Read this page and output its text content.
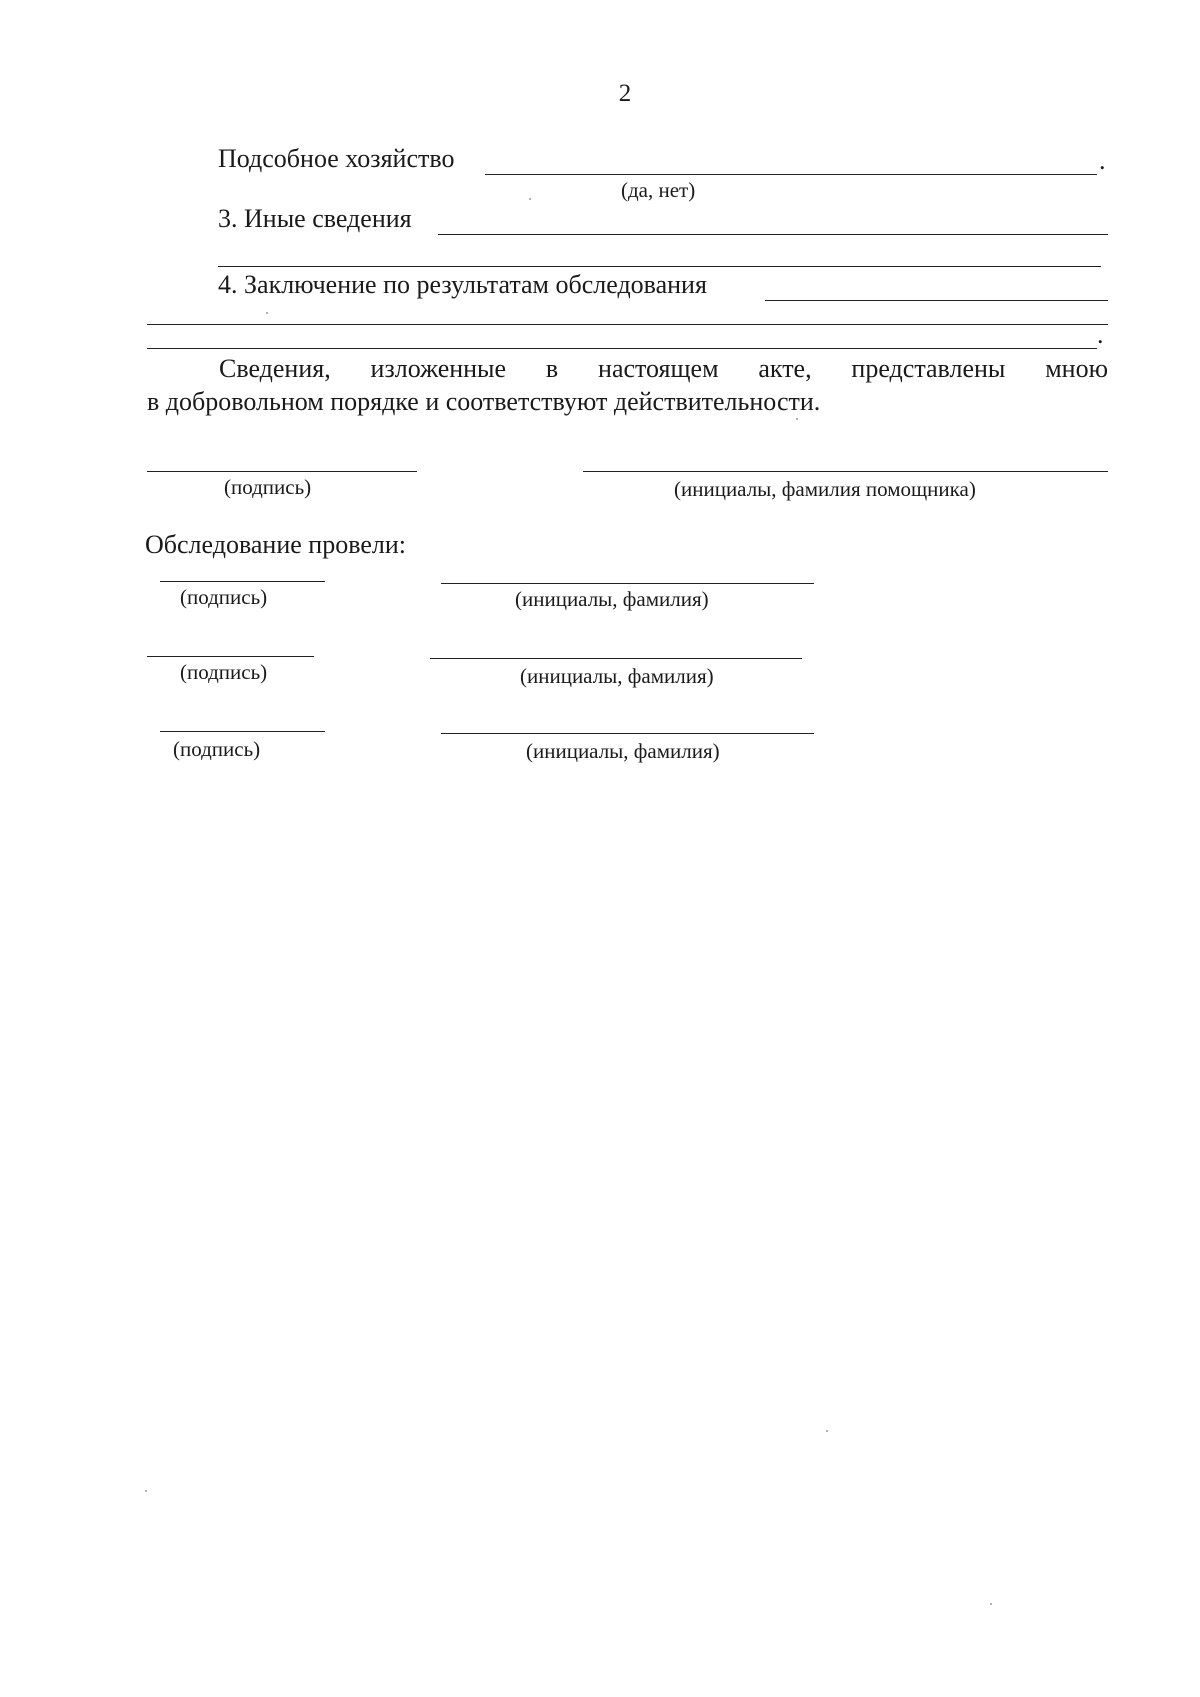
2
Подсобное хозяйство	.
(да, нет)
3. Иные сведения
4. Заключение по результатам обследования
.
Сведения, изложенные в настоящем акте, представлены мною
в добровольном порядке и соответствуют действительности.
(подпись)	(инициалы, фамилия помощника)
Обследование провели:
(подпись)	(инициалы, фамилия)
(подпись)	(инициалы, фамилия)
(подпись)	(инициалы, фамилия)
